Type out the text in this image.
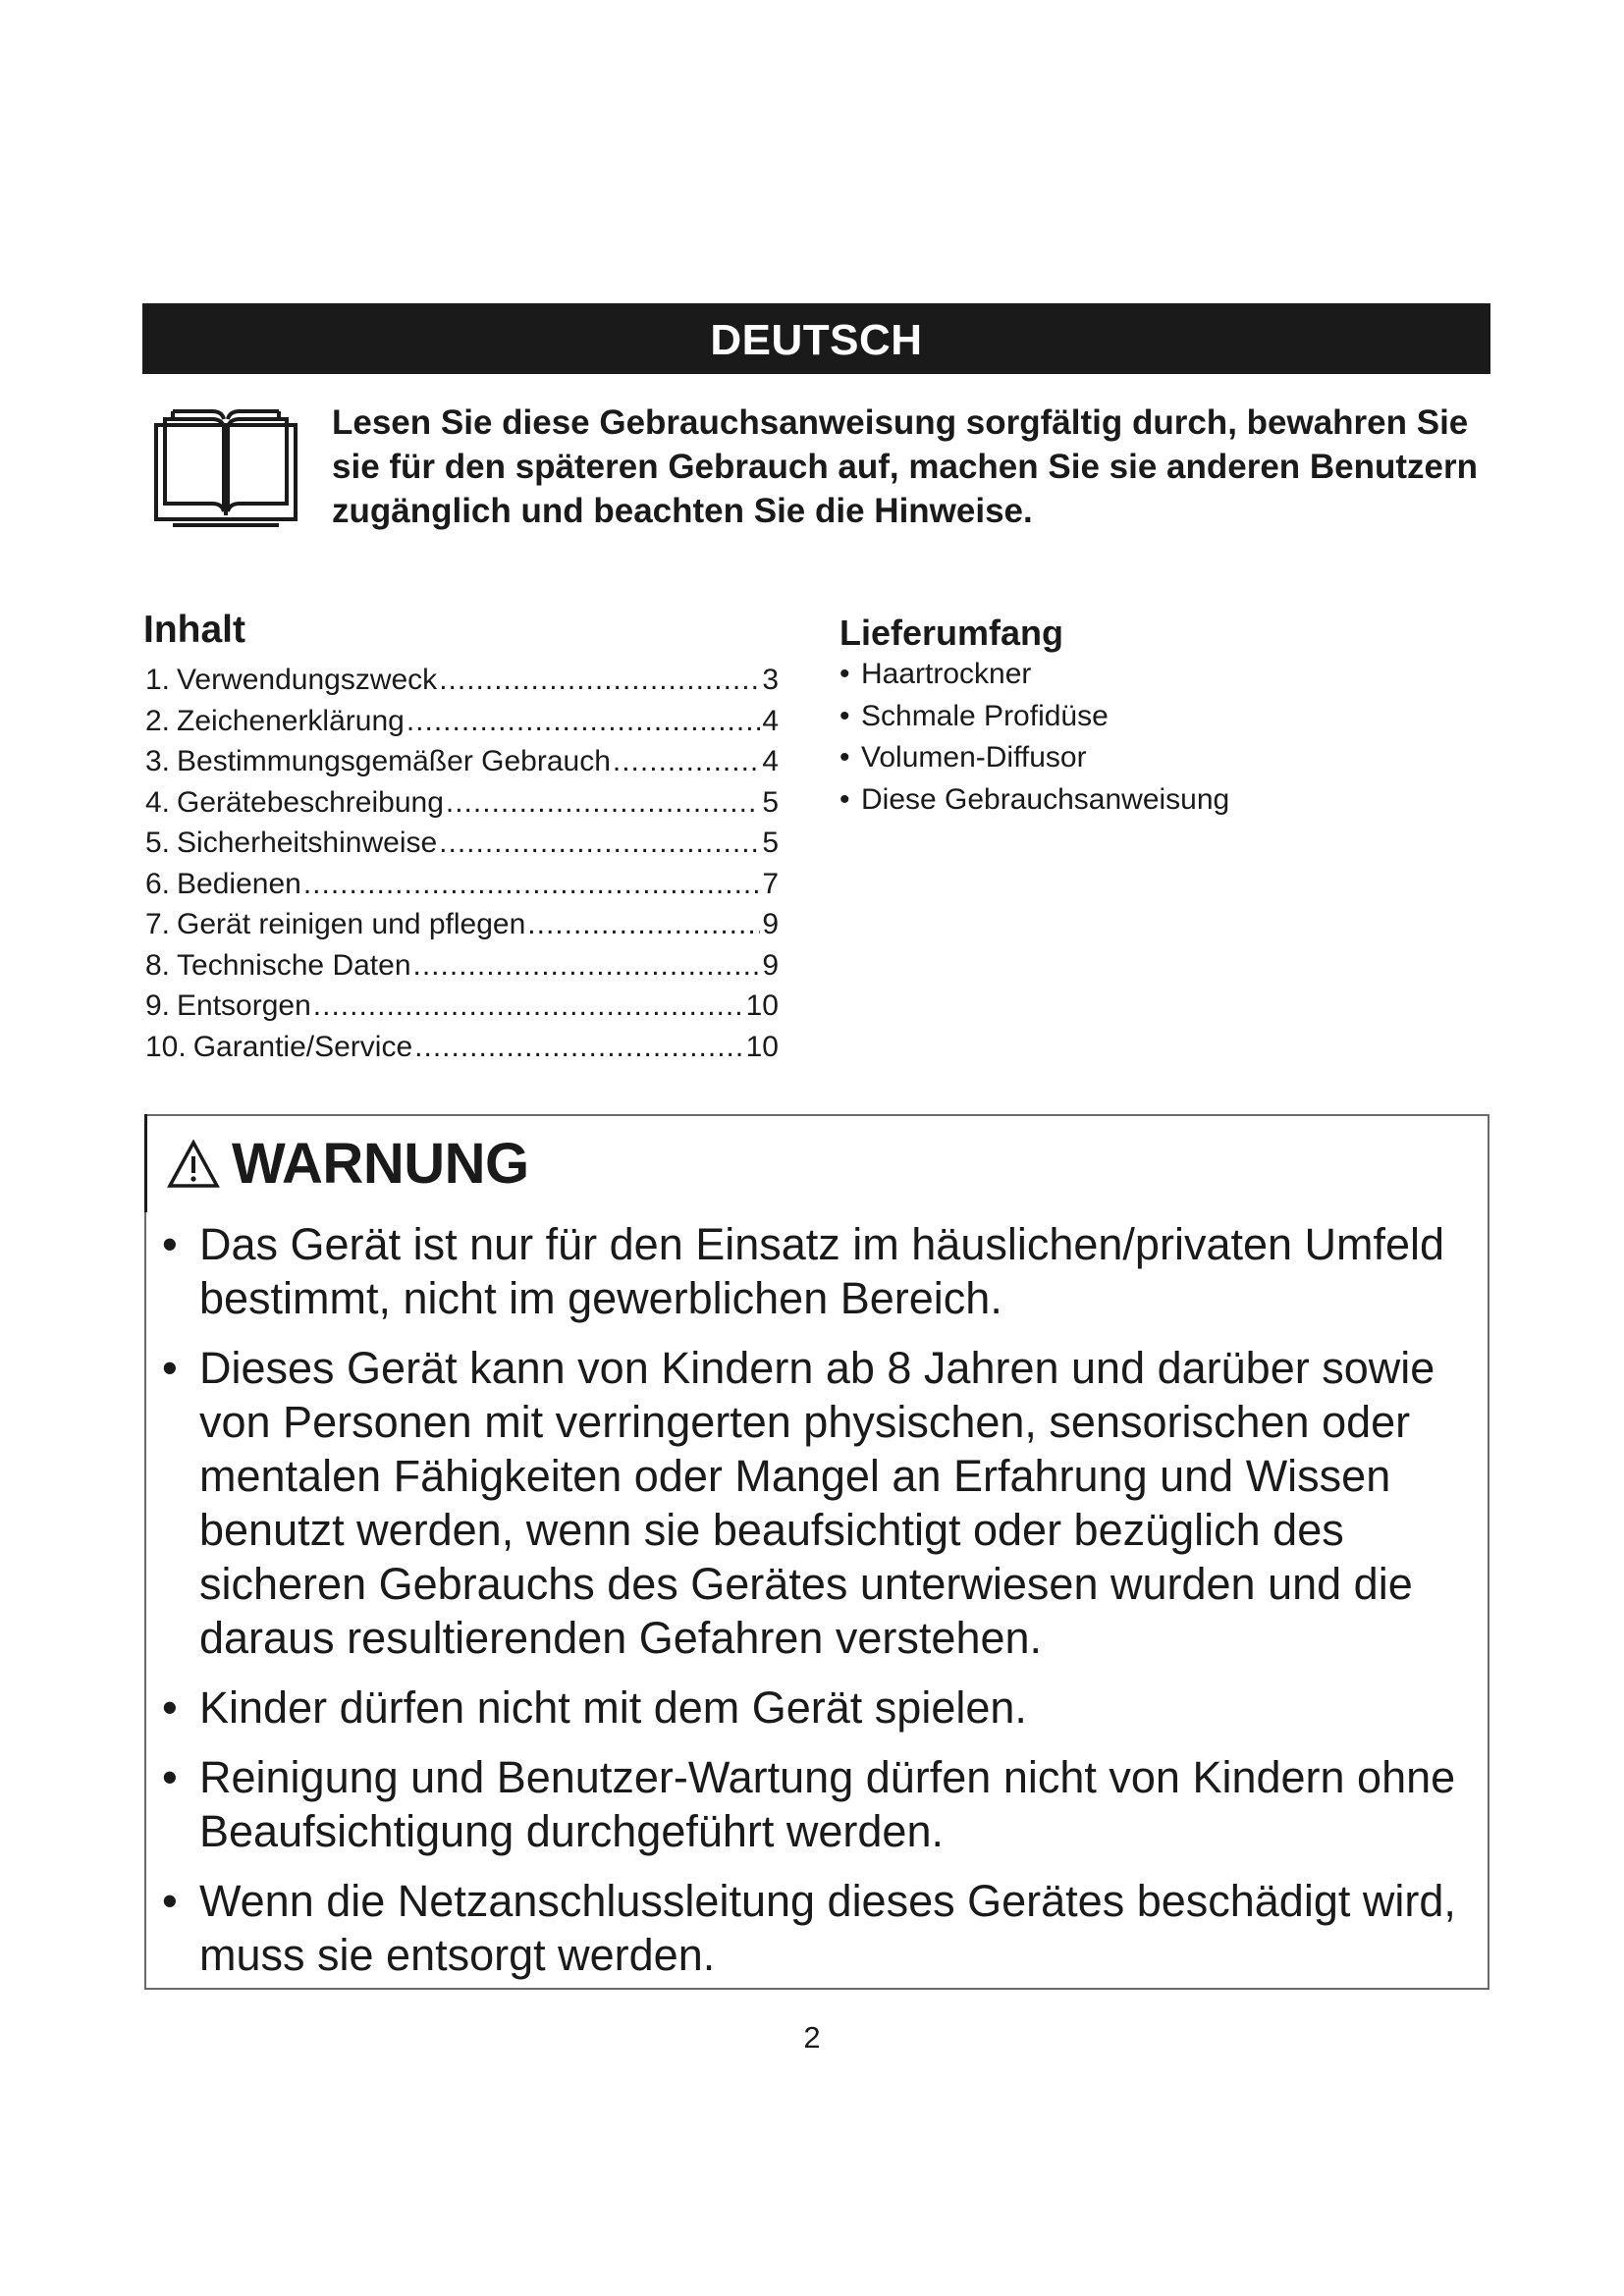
DEUTSCH
Lesen Sie diese Gebrauchsanweisung sorgfältig durch, bewahren Sie
sie für den späteren Gebrauch auf, machen Sie sie anderen Benutzern
zugänglich und beachten Sie die Hinweise.
Inhalt
1. Verwendungszweck .....	3
2. Zeichenerklärung .....	4
3. Bestimmungsgemäßer Gebrauch .....	4
4. Gerätebeschreibung .....	5
5. Sicherheitshinweise .....	5
6. Bedienen .....	7
7. Gerät reinigen und pflegen .....	9
8. Technische Daten .....	9
9. Entsorgen .....	10
10. Garantie/Service .....	10
Lieferumfang
• Haartrockner
• Schmale Profidüse
• Volumen-Diffusor
• Diese Gebrauchsanweisung
WARNUNG
• Das Gerät ist nur für den Einsatz im häuslichen/privaten Umfeld bestimmt, nicht im gewerblichen Bereich.
• Dieses Gerät kann von Kindern ab 8 Jahren und darüber sowie von Personen mit verringerten physischen, sensorischen oder mentalen Fähigkeiten oder Mangel an Erfahrung und Wissen benutzt werden, wenn sie beaufsichtigt oder bezüglich des sicheren Gebrauchs des Gerätes unterwiesen wurden und die daraus resultierenden Gefahren verstehen.
• Kinder dürfen nicht mit dem Gerät spielen.
• Reinigung und Benutzer-Wartung dürfen nicht von Kindern ohne Beaufsichtigung durchgeführt werden.
• Wenn die Netzanschlussleitung dieses Gerätes beschädigt wird, muss sie entsorgt werden.
2
